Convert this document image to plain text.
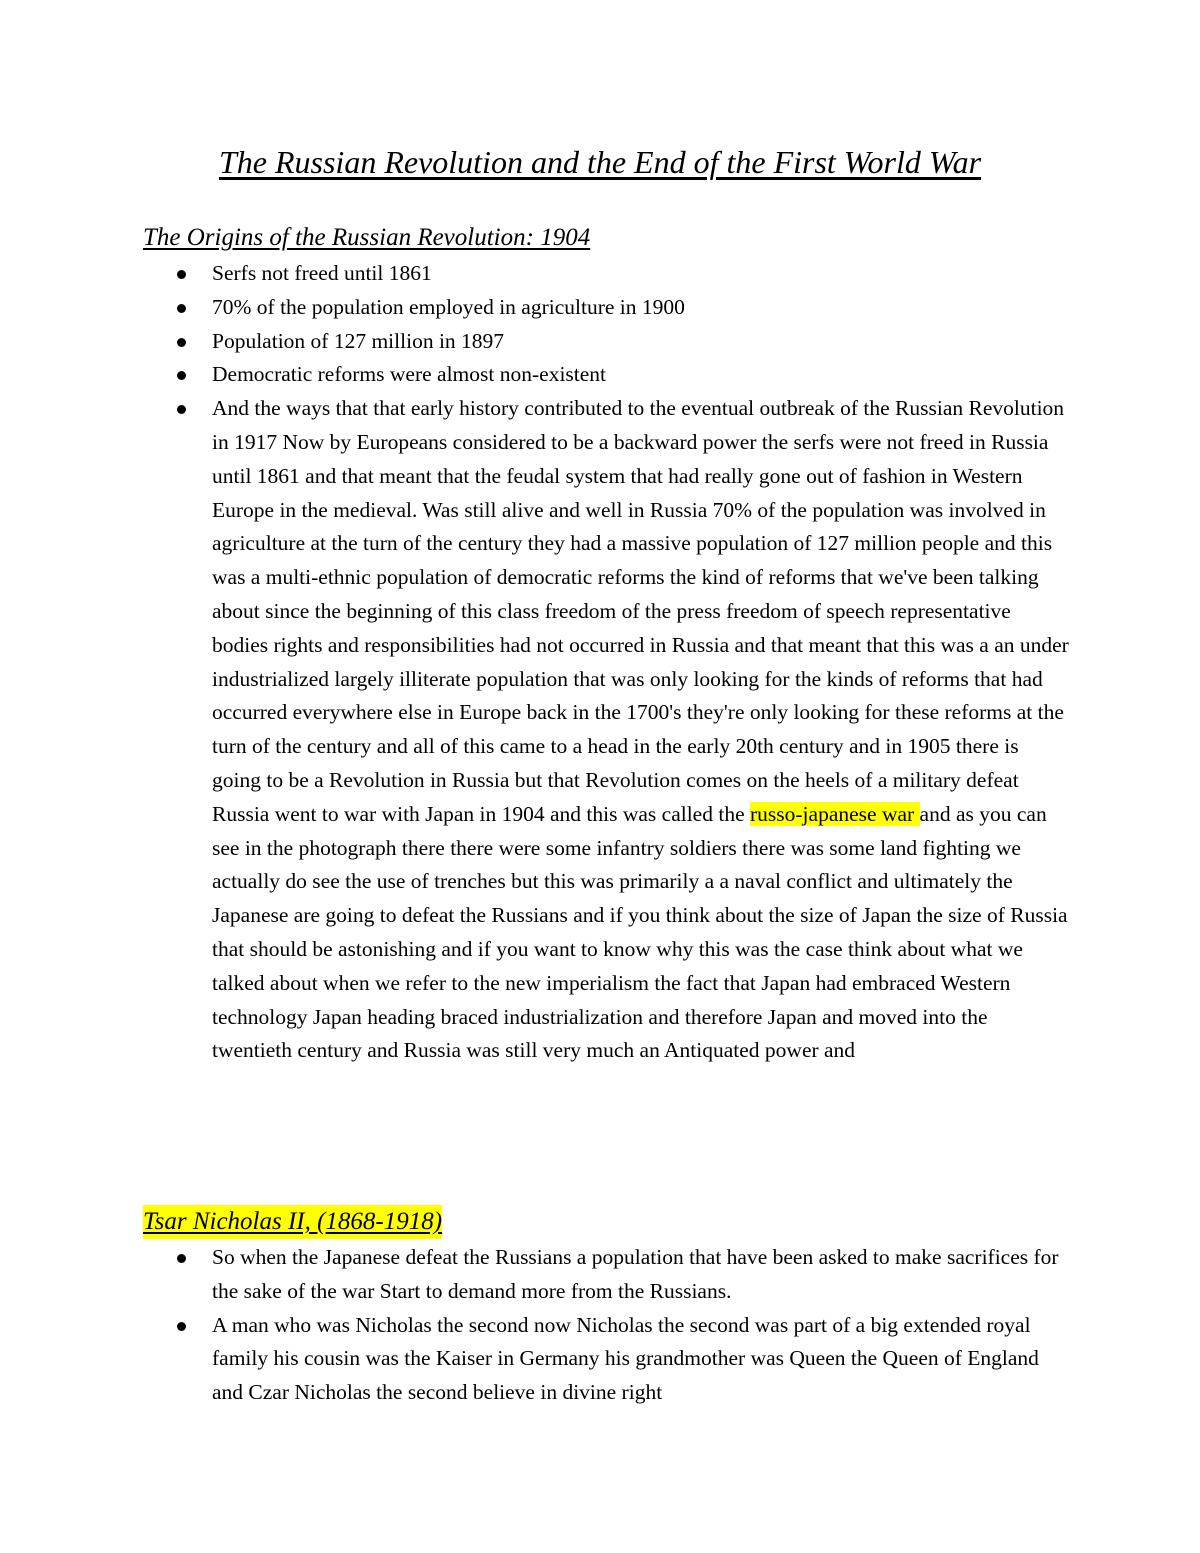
The Russian Revolution and the End of the First World War
The Origins of the Russian Revolution: 1904
Serfs not freed until 1861
70% of the population employed in agriculture in 1900
Population of 127 million in 1897
Democratic reforms were almost non-existent
And the ways that that early history contributed to the eventual outbreak of the Russian Revolution in 1917 Now by Europeans considered to be a backward power the serfs were not freed in Russia until 1861 and that meant that the feudal system that had really gone out of fashion in Western Europe in the medieval. Was still alive and well in Russia 70% of the population was involved in agriculture at the turn of the century they had a massive population of 127 million people and this was a multi-ethnic population of democratic reforms the kind of reforms that we've been talking about since the beginning of this class freedom of the press freedom of speech representative bodies rights and responsibilities had not occurred in Russia and that meant that this was a an under industrialized largely illiterate population that was only looking for the kinds of reforms that had occurred everywhere else in Europe back in the 1700's they're only looking for these reforms at the turn of the century and all of this came to a head in the early 20th century and in 1905 there is going to be a Revolution in Russia but that Revolution comes on the heels of a military defeat Russia went to war with Japan in 1904 and this was called the russo-japanese war and as you can see in the photograph there there were some infantry soldiers there was some land fighting we actually do see the use of trenches but this was primarily a a naval conflict and ultimately the Japanese are going to defeat the Russians and if you think about the size of Japan the size of Russia that should be astonishing and if you want to know why this was the case think about what we talked about when we refer to the new imperialism the fact that Japan had embraced Western technology Japan heading braced industrialization and therefore Japan and moved into the twentieth century and Russia was still very much an Antiquated power and
Tsar Nicholas II, (1868-1918)
So when the Japanese defeat the Russians a population that have been asked to make sacrifices for the sake of the war Start to demand more from the Russians.
A man who was Nicholas the second now Nicholas the second was part of a big extended royal family his cousin was the Kaiser in Germany his grandmother was Queen the Queen of England and Czar Nicholas the second believe in divine right
